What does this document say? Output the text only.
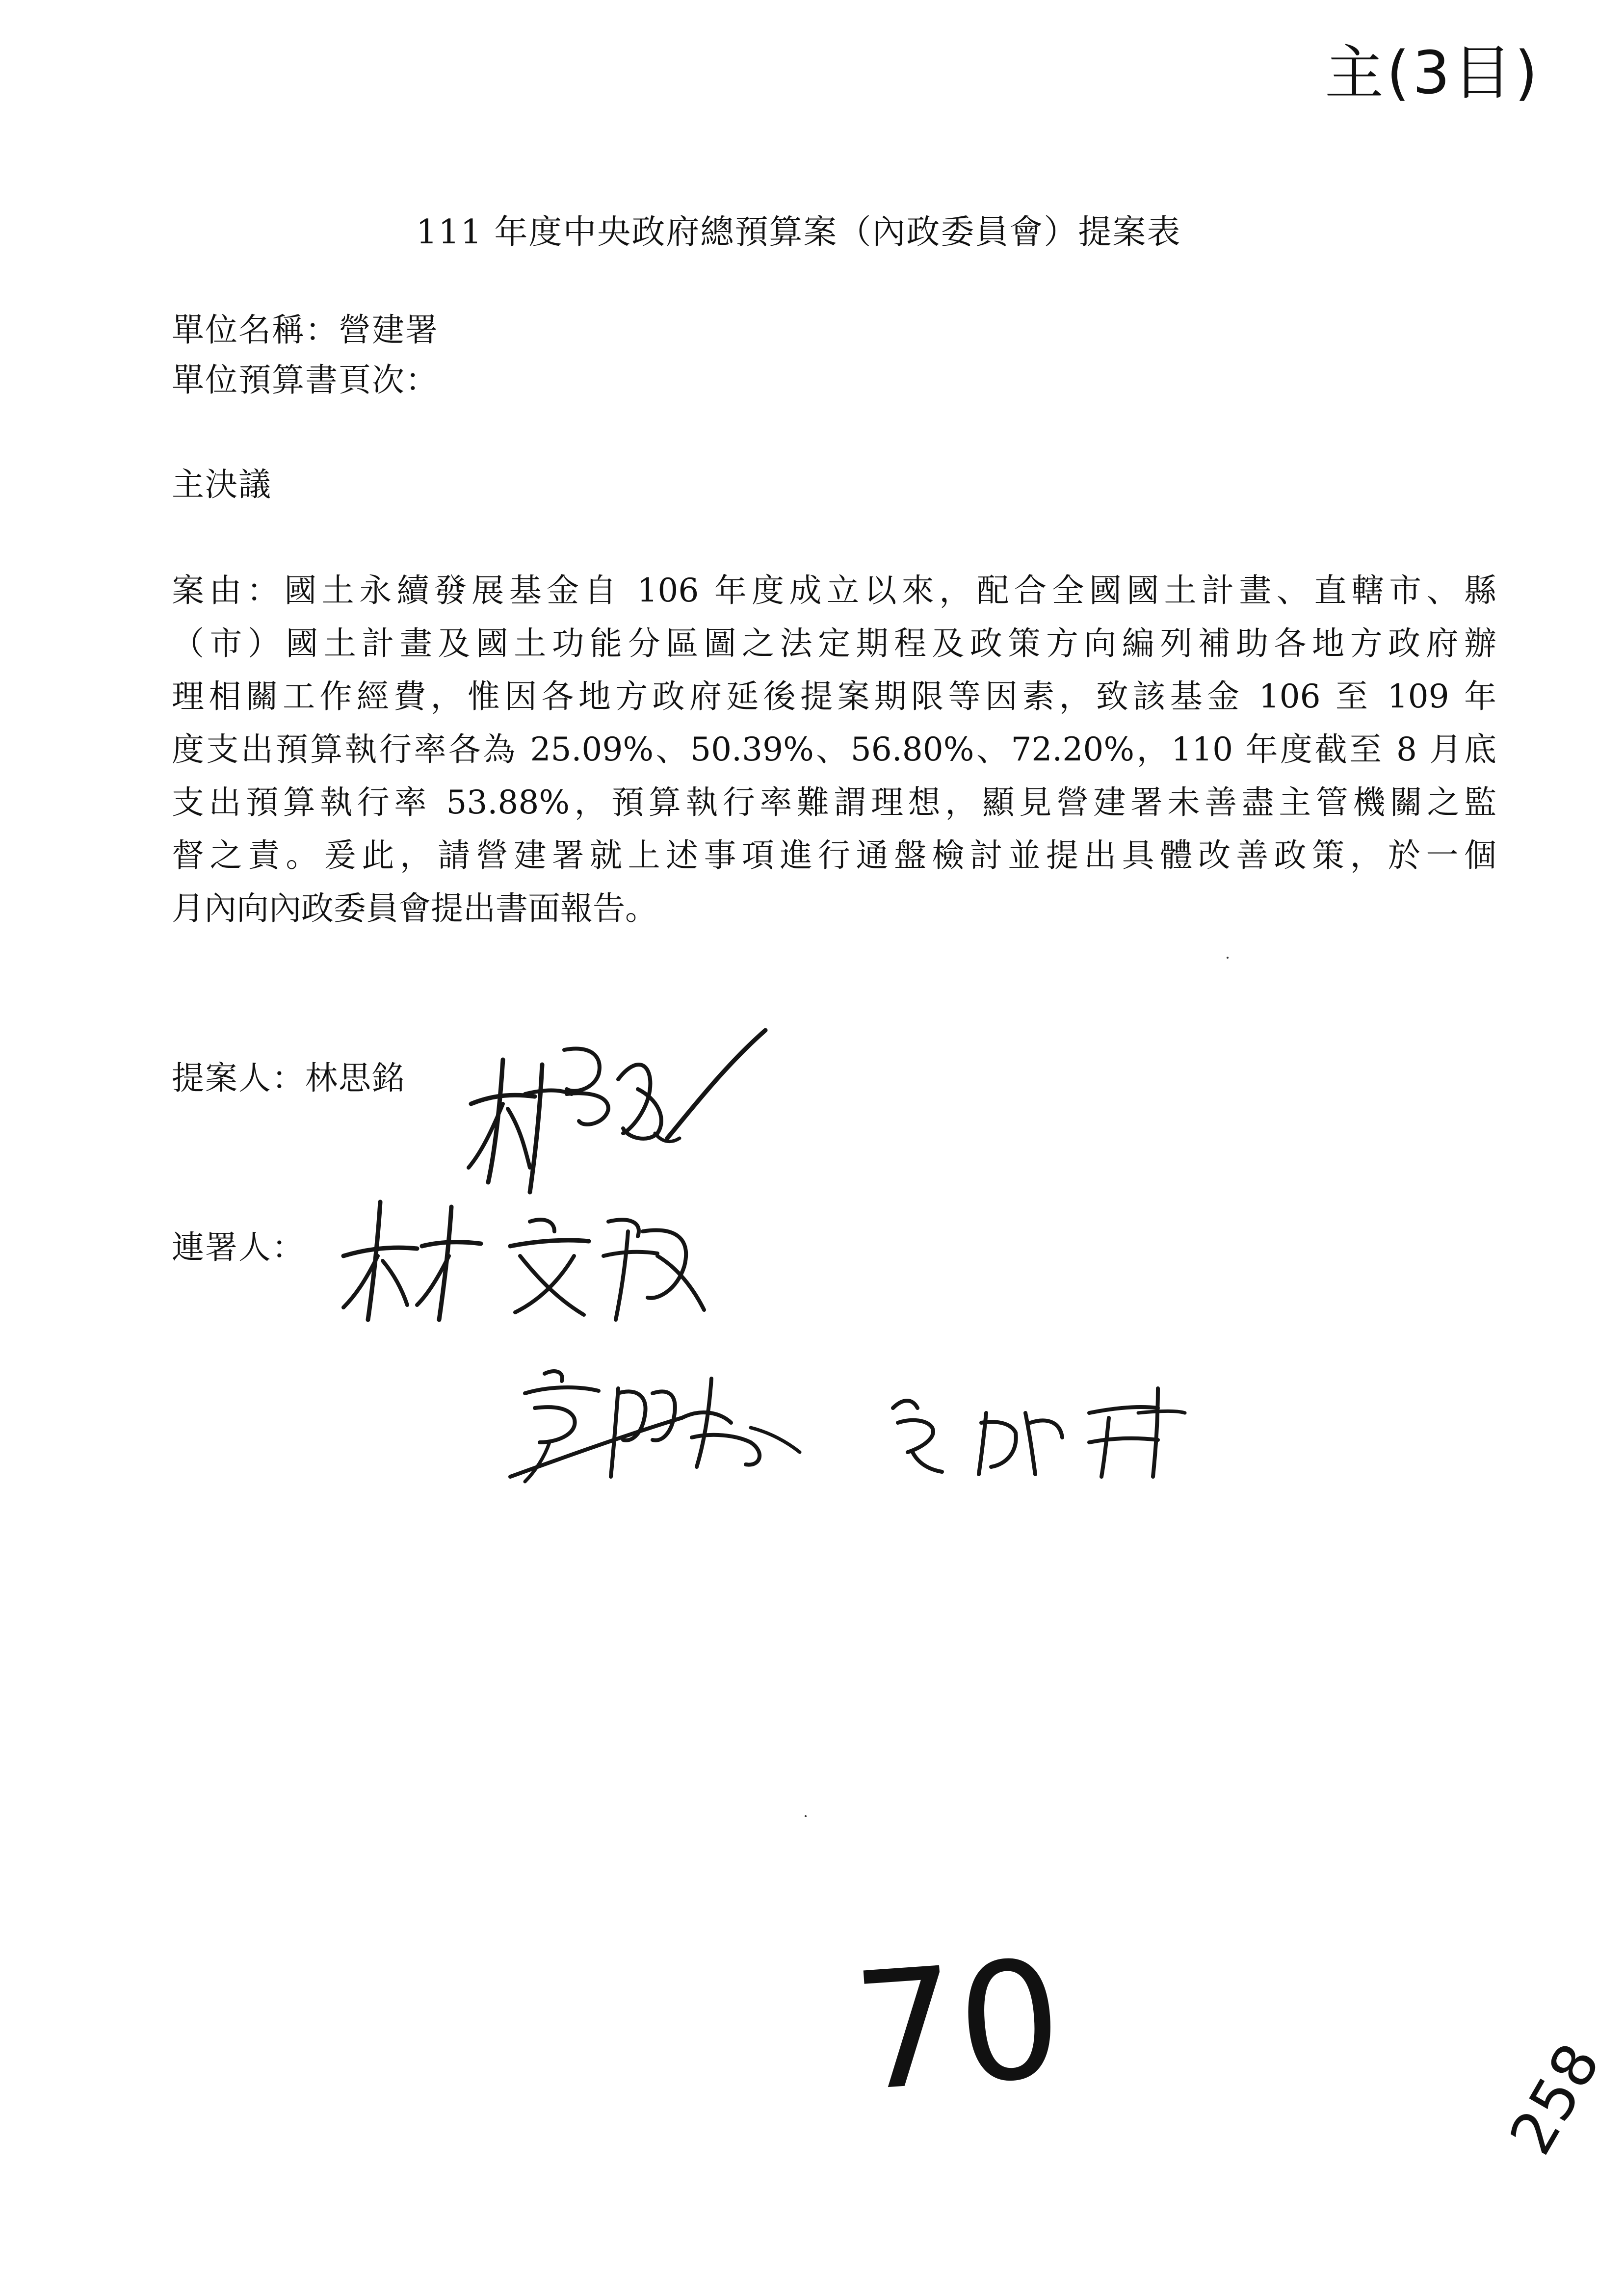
主(3目)
111 年度中央政府總預算案（內政委員會）提案表
單位名稱：營建署
單位預算書頁次：
主決議
案由：國土永續發展基金自 106 年度成立以來，配合全國國土計畫、直轄市、縣
（市）國土計畫及國土功能分區圖之法定期程及政策方向編列補助各地方政府辦
理相關工作經費，惟因各地方政府延後提案期限等因素，致該基金 106 至 109 年
度支出預算執行率各為 25.09%、50.39%、56.80%、72.20%，110 年度截至 8 月底
支出預算執行率 53.88%，預算執行率難謂理想，顯見營建署未善盡主管機關之監
督之責。爰此，請營建署就上述事項進行通盤檢討並提出具體改善政策，於一個
月內向內政委員會提出書面報告。
提案人：林思銘
連署人：
70	258
